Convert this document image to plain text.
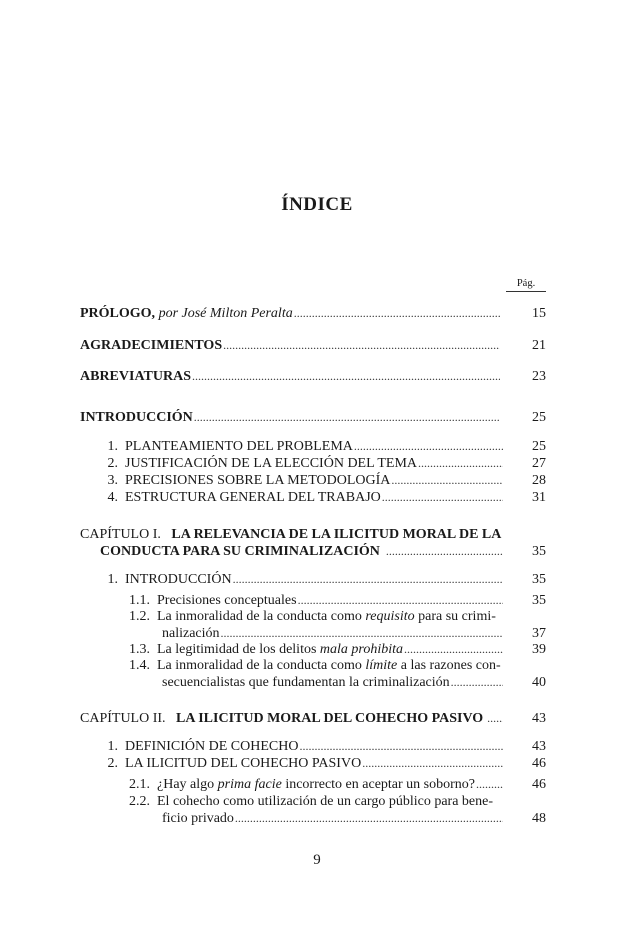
ÍNDICE
Pág.
PRÓLOGO, por José Milton Peralta .....	15
AGRADECIMIENTOS .....	21
ABREVIATURAS .....	23
INTRODUCCIÓN .....	25
1. PLANTEAMIENTO DEL PROBLEMA .....	25
2. JUSTIFICACIÓN DE LA ELECCIÓN DEL TEMA .....	27
3. PRECISIONES SOBRE LA METODOLOGÍA .....	28
4. ESTRUCTURA GENERAL DEL TRABAJO .....	31
CAPÍTULO I. LA RELEVANCIA DE LA ILICITUD MORAL DE LA
CONDUCTA PARA SU CRIMINALIZACIÓN .....	35
1. INTRODUCCIÓN .....	35
1.1. Precisiones conceptuales .....	35
1.2. La inmoralidad de la conducta como requisito para su crimi-
nalización .....	37
1.3. La legitimidad de los delitos mala prohibita .....	39
1.4. La inmoralidad de la conducta como límite a las razones con-
secuencialistas que fundamentan la criminalización .....	40
CAPÍTULO II. LA ILICITUD MORAL DEL COHECHO PASIVO .....	43
1. DEFINICIÓN DE COHECHO .....	43
2. LA ILICITUD DEL COHECHO PASIVO .....	46
2.1. ¿Hay algo prima facie incorrecto en aceptar un soborno? .....	46
2.2. El cohecho como utilización de un cargo público para bene-
ficio privado .....	48
9
